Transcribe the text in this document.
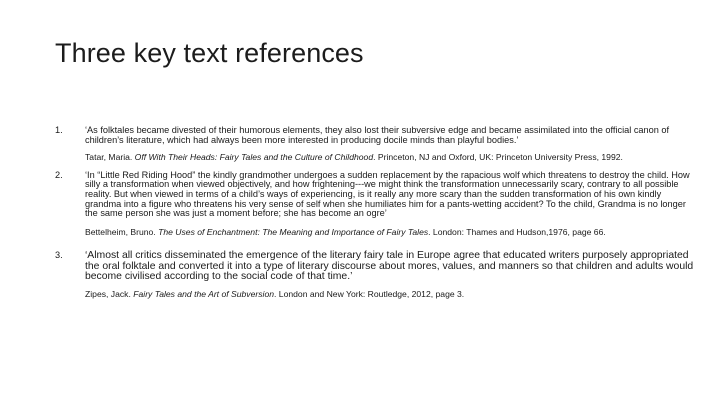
Three key text references
1. ‘As folktales became divested of their humorous elements, they also lost their subversive edge and became assimilated into the official canon of children’s literature, which had always been more interested in producing docile minds than playful bodies.’

Tatar, Maria. Off With Their Heads: Fairy Tales and the Culture of Childhood. Princeton, NJ and Oxford, UK: Princeton University Press, 1992.

2. ‘In “Little Red Riding Hood” the kindly grandmother undergoes a sudden replacement by the rapacious wolf which threatens to destroy the child. How silly a transformation when viewed objectively, and how frightening---we might think the transformation unnecessarily scary, contrary to all possible reality. But when viewed in terms of a child’s ways of experiencing, is it really any more scary than the sudden transformation of his own kindly grandma into a figure who threatens his very sense of self when she humiliates him for a pants-wetting accident? To the child, Grandma is no longer the same person she was just a moment before; she has become an ogre’

Bettelheim, Bruno. The Uses of Enchantment: The Meaning and Importance of Fairy Tales. London: Thames and Hudson,1976, page 66.

3. ‘Almost all critics disseminated the emergence of the literary fairy tale in Europe agree that educated writers purposely appropriated the oral folktale and converted it into a type of literary discourse about mores, values, and manners so that children and adults would become civilised according to the social code of that time.’

Zipes, Jack. Fairy Tales and the Art of Subversion. London and New York: Routledge, 2012, page 3.
